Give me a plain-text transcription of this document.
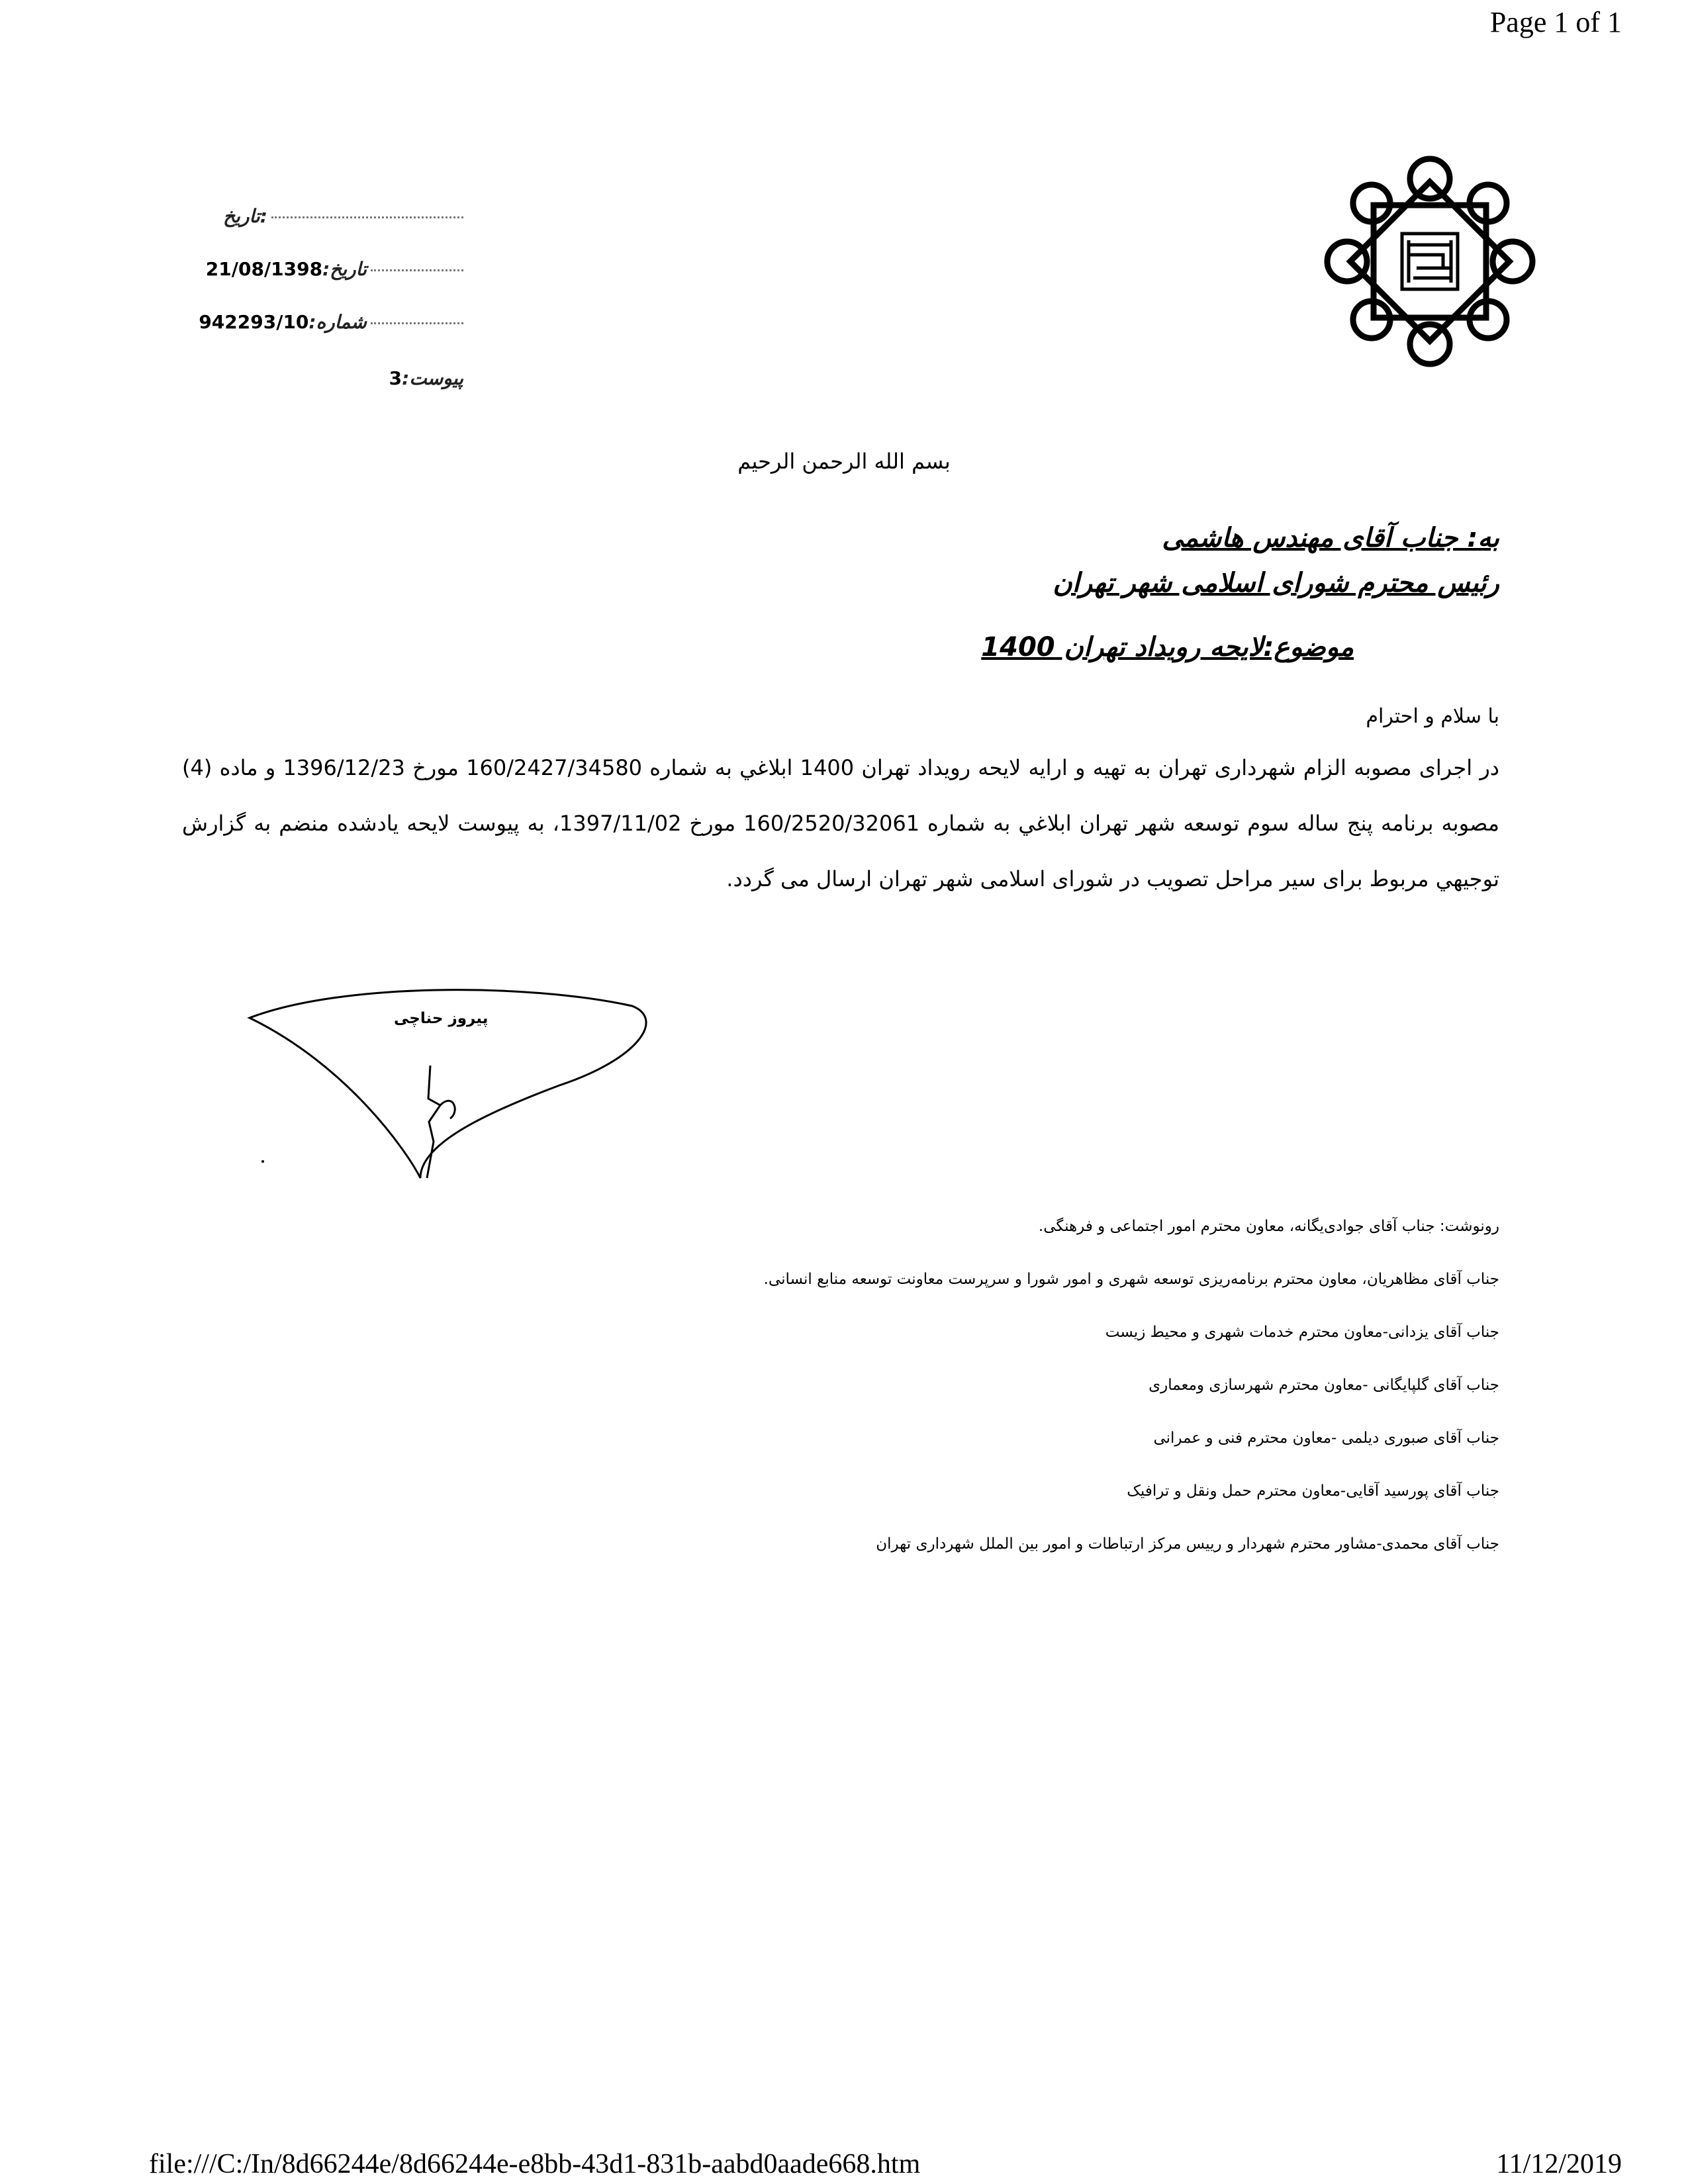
Page 1 of 1
تاریخ:
تاریخ:21/08/1398
شماره:942293/10
پیوست:3
بسم الله الرحمن الرحيم
به: جناب آقای مهندس هاشمی
رئیس محترم شورای اسلامی شهر تهران
موضوع:لایحه رویداد تهران 1400
با سلام و احترام
در اجرای مصوبه الزام شهرداری تهران به تهیه و ارایه لایحه رویداد تهران 1400 ابلاغي به شماره 160/2427/34580 مورخ 1396/12/23 و ماده (4) مصوبه برنامه پنج ساله سوم توسعه شهر تهران ابلاغي به شماره 160/2520/32061 مورخ 1397/11/02، به پیوست لایحه یادشده منضم به گزارش توجیهي مربوط برای سیر مراحل تصویب در شورای اسلامی شهر تهران ارسال می گردد.
پیروز حناچی
رونوشت: جناب آقای جوادی‌یگانه، معاون محترم امور اجتماعی و فرهنگی.
جناب آقای مظاهریان، معاون محترم برنامه‌ریزی توسعه شهری و امور شورا و سرپرست معاونت توسعه منابع انسانی.
جناب آقای یزدانی-معاون محترم خدمات شهری و محیط زیست
جناب آقای گلپایگانی -معاون محترم شهرسازی ومعماری
جناب آقای صبوری دیلمی -معاون محترم فنی و عمرانی
جناب آقای پورسید آقایی-معاون محترم حمل ونقل و ترافیک
جناب آقای محمدی-مشاور محترم شهردار و رییس مرکز ارتباطات و امور بین الملل شهرداری تهران
file:///C:/In/8d66244e/8d66244e-e8bb-43d1-831b-aabd0aade668.htm	11/12/2019
